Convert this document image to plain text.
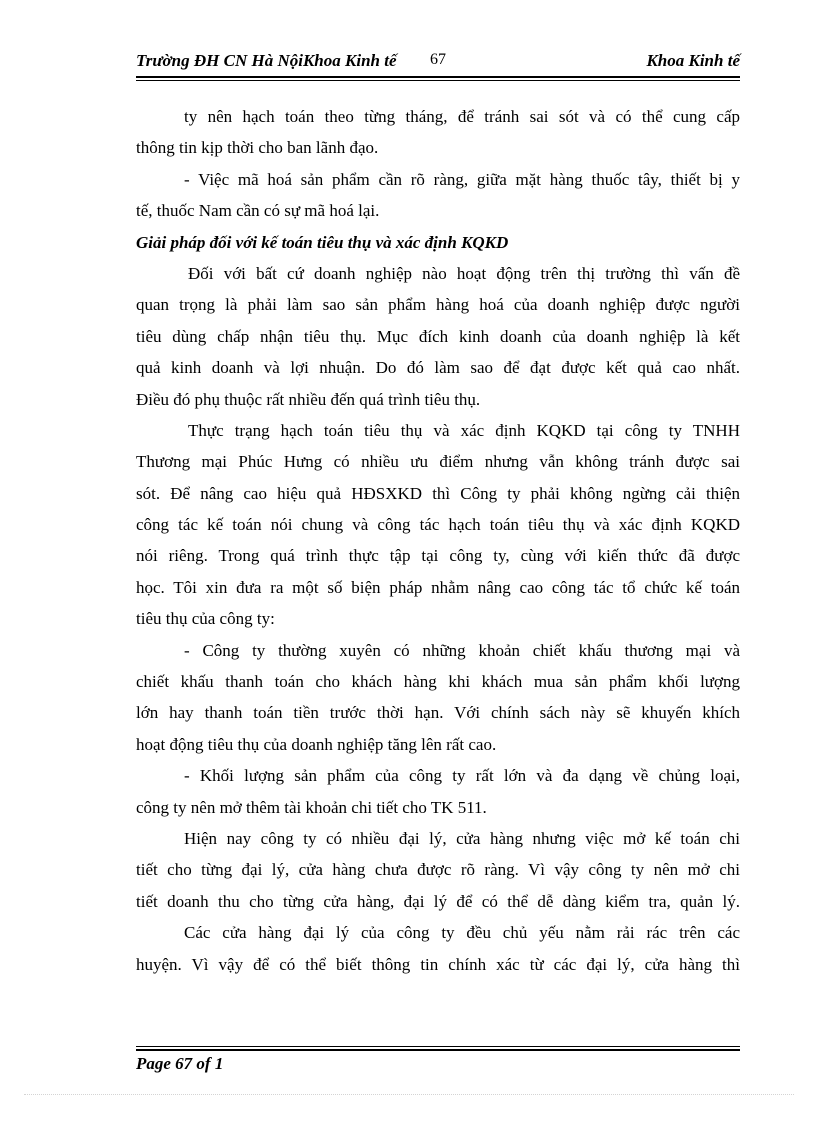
Trường ĐH CN Hà NộiKhoa Kinh tế 67	Khoa Kinh tế
ty nên hạch toán theo từng tháng, để tránh sai sót và có thể cung cấp
thông tin kịp thời cho ban lãnh đạo.
- Việc mã hoá sản phẩm cần rõ ràng, giữa mặt hàng thuốc tây, thiết bị y
tế, thuốc Nam cần có sự mã hoá lại.
Giải pháp đối với kế toán tiêu thụ và xác định KQKD
Đối với bất cứ doanh nghiệp nào hoạt động trên thị trường thì vấn đề
quan trọng là phải làm sao sản phẩm hàng hoá của doanh nghiệp được người
tiêu dùng chấp nhận tiêu thụ. Mục đích kinh doanh của doanh nghiệp là kết
quả kinh doanh và lợi nhuận. Do đó làm sao để đạt được kết quả cao nhất.
Điều đó phụ thuộc rất nhiều đến quá trình tiêu thụ.
Thực trạng hạch toán tiêu thụ và xác định KQKD tại công ty TNHH
Thương mại Phúc Hưng có nhiều ưu điểm nhưng vẫn không tránh được sai
sót. Để nâng cao hiệu quả HĐSXKD thì Công ty phải không ngừng cải thiện
công tác kế toán nói chung và công tác hạch toán tiêu thụ và xác định KQKD
nói riêng. Trong quá trình thực tập tại công ty, cùng với kiến thức đã được
học. Tôi xin đưa ra một số biện pháp nhằm nâng cao công tác tổ chức kế toán
tiêu thụ của công ty:
- Công ty thường xuyên có những khoản chiết khấu thương mại và
chiết khấu thanh toán cho khách hàng khi khách mua sản phẩm khối lượng
lớn hay thanh toán tiền trước thời hạn. Với chính sách này sẽ khuyến khích
hoạt động tiêu thụ của doanh nghiệp tăng lên rất cao.
- Khối lượng sản phẩm của công ty rất lớn và đa dạng về chủng loại,
công ty nên mở thêm tài khoản chi tiết cho TK 511.
Hiện nay công ty có nhiều đại lý, cửa hàng nhưng việc mở kế toán chi
tiết cho từng đại lý, cửa hàng chưa được rõ ràng. Vì vậy công ty nên mở chi
tiết doanh thu cho từng cửa hàng, đại lý để có thể dễ dàng kiểm tra, quản lý.
Các cửa hàng đại lý của công ty đều chủ yếu nằm rải rác trên các
huyện. Vì vậy để có thể biết thông tin chính xác từ các đại lý, cửa hàng thì
Page 67 of 1
